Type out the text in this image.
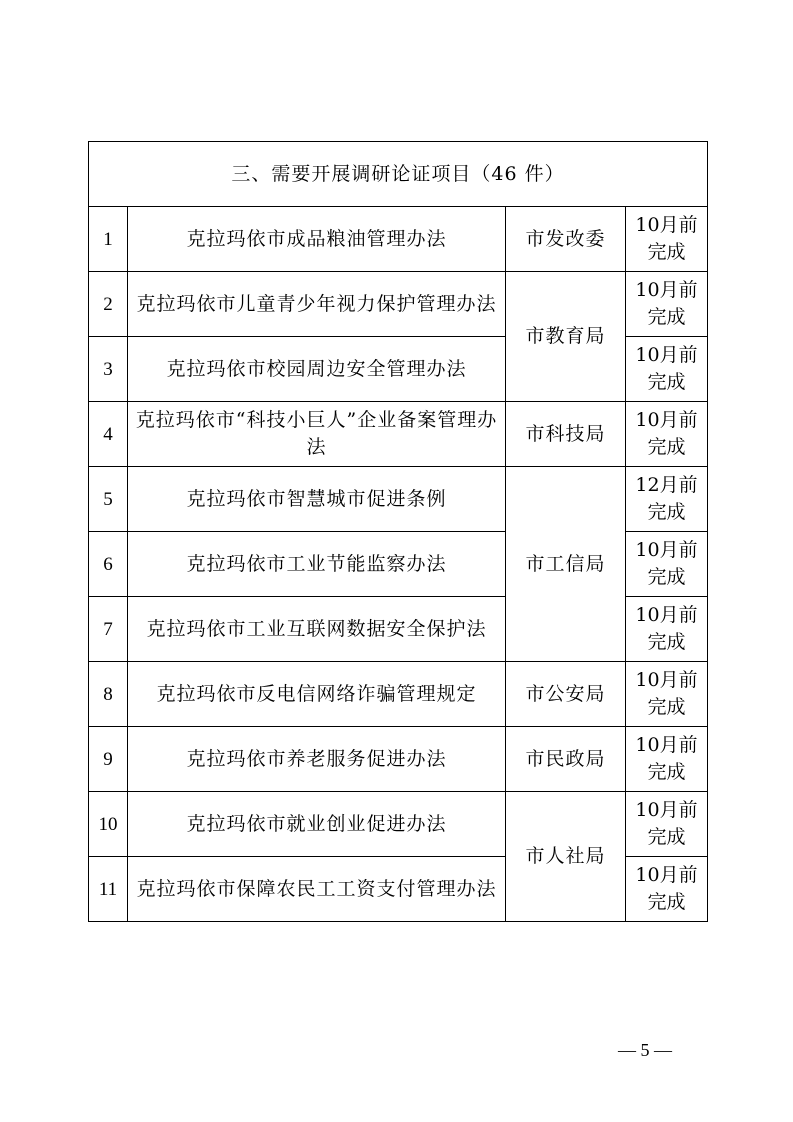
三、需要开展调研论证项目（46 件）			
1	克拉玛依市成品粮油管理办法	市发改委	10月前
完成
2	克拉玛依市儿童青少年视力保护管理办法	市教育局	10月前
完成
3	克拉玛依市校园周边安全管理办法		10月前
完成
4	克拉玛依市“科技小巨人”企业备案管理办法	市科技局	10月前
完成
5	克拉玛依市智慧城市促进条例	市工信局	12月前
完成
6	克拉玛依市工业节能监察办法		10月前
完成
7	克拉玛依市工业互联网数据安全保护法		10月前
完成
8	克拉玛依市反电信网络诈骗管理规定	市公安局	10月前
完成
9	克拉玛依市养老服务促进办法	市民政局	10月前
完成
10	克拉玛依市就业创业促进办法	市人社局	10月前
完成
11	克拉玛依市保障农民工工资支付管理办法		10月前
完成
— 5 —
